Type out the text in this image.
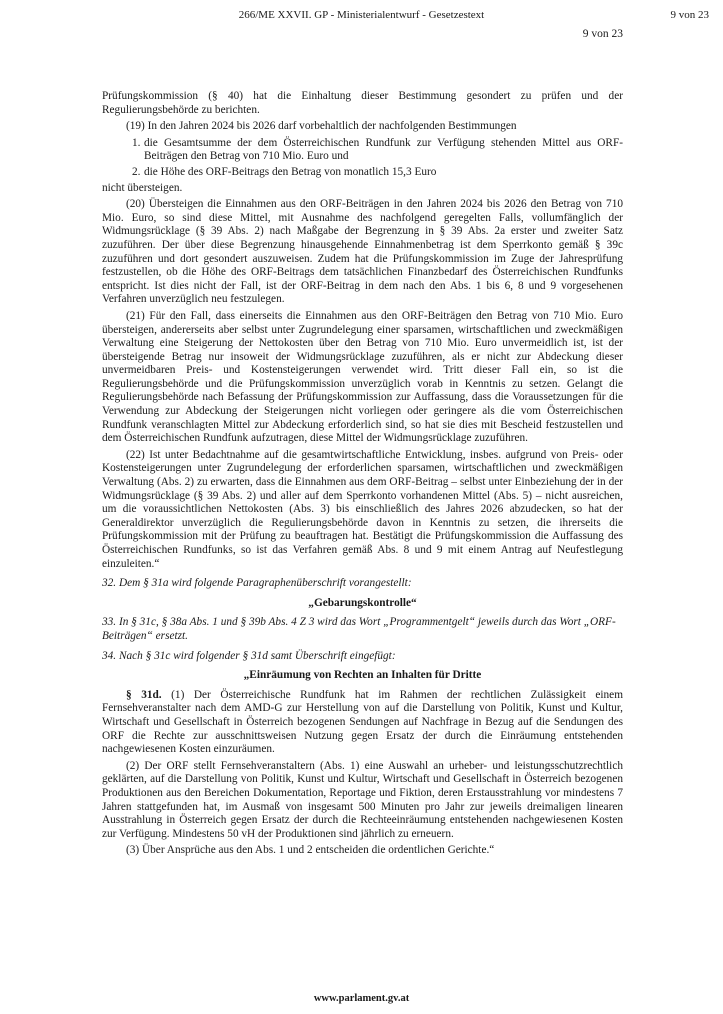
266/ME XXVII. GP - Ministerialentwurf - Gesetzestext	9 von 23
9 von 23

Prüfungskommission (§ 40) hat die Einhaltung dieser Bestimmung gesondert zu prüfen und der Regulierungsbehörde zu berichten.

(19) In den Jahren 2024 bis 2026 darf vorbehaltlich der nachfolgenden Bestimmungen

1. die Gesamtsumme der dem Österreichischen Rundfunk zur Verfügung stehenden Mittel aus ORF-Beiträgen den Betrag von 710 Mio. Euro und
2. die Höhe des ORF-Beitrags den Betrag von monatlich 15,3 Euro

nicht übersteigen.

(20) Übersteigen die Einnahmen aus den ORF-Beiträgen in den Jahren 2024 bis 2026 den Betrag von 710 Mio. Euro, so sind diese Mittel, mit Ausnahme des nachfolgend geregelten Falls, vollumfänglich der Widmungsrücklage (§ 39 Abs. 2) nach Maßgabe der Begrenzung in § 39 Abs. 2a erster und zweiter Satz zuzuführen. Der über diese Begrenzung hinausgehende Einnahmenbetrag ist dem Sperrkonto gemäß § 39c zuzuführen und dort gesondert auszuweisen. Zudem hat die Prüfungskommission im Zuge der Jahresprüfung festzustellen, ob die Höhe des ORF-Beitrags dem tatsächlichen Finanzbedarf des Österreichischen Rundfunks entspricht. Ist dies nicht der Fall, ist der ORF-Beitrag in dem nach den Abs. 1 bis 6, 8 und 9 vorgesehenen Verfahren unverzüglich neu festzulegen.

(21) Für den Fall, dass einerseits die Einnahmen aus den ORF-Beiträgen den Betrag von 710 Mio. Euro übersteigen, andererseits aber selbst unter Zugrundelegung einer sparsamen, wirtschaftlichen und zweckmäßigen Verwaltung eine Steigerung der Nettokosten über den Betrag von 710 Mio. Euro unvermeidlich ist, ist der übersteigende Betrag nur insoweit der Widmungsrücklage zuzuführen, als er nicht zur Abdeckung dieser unvermeidbaren Preis- und Kostensteigerungen verwendet wird. Tritt dieser Fall ein, so ist die Regulierungsbehörde und die Prüfungskommission unverzüglich vorab in Kenntnis zu setzen. Gelangt die Regulierungsbehörde nach Befassung der Prüfungskommission zur Auffassung, dass die Voraussetzungen für die Verwendung zur Abdeckung der Steigerungen nicht vorliegen oder geringere als die vom Österreichischen Rundfunk veranschlagten Mittel zur Abdeckung erforderlich sind, so hat sie dies mit Bescheid festzustellen und dem Österreichischen Rundfunk aufzutragen, diese Mittel der Widmungsrücklage zuzuführen.

(22) Ist unter Bedachtnahme auf die gesamtwirtschaftliche Entwicklung, insbes. aufgrund von Preis- oder Kostensteigerungen unter Zugrundelegung der erforderlichen sparsamen, wirtschaftlichen und zweckmäßigen Verwaltung (Abs. 2) zu erwarten, dass die Einnahmen aus dem ORF-Beitrag – selbst unter Einbeziehung der in der Widmungsrücklage (§ 39 Abs. 2) und aller auf dem Sperrkonto vorhandenen Mittel (Abs. 5) – nicht ausreichen, um die voraussichtlichen Nettokosten (Abs. 3) bis einschließlich des Jahres 2026 abzudecken, so hat der Generaldirektor unverzüglich die Regulierungsbehörde davon in Kenntnis zu setzen, die ihrerseits die Prüfungskommission mit der Prüfung zu beauftragen hat. Bestätigt die Prüfungskommission die Auffassung des Österreichischen Rundfunks, so ist das Verfahren gemäß Abs. 8 und 9 mit einem Antrag auf Neufestlegung einzuleiten.“

32. Dem § 31a wird folgende Paragraphenüberschrift vorangestellt:

„Gebarungskontrolle“

33. In § 31c, § 38a Abs. 1 und § 39b Abs. 4 Z 3 wird das Wort „Programmentgelt“ jeweils durch das Wort „ORF-Beiträgen“ ersetzt.

34. Nach § 31c wird folgender § 31d samt Überschrift eingefügt:

„Einräumung von Rechten an Inhalten für Dritte

§ 31d. (1) Der Österreichische Rundfunk hat im Rahmen der rechtlichen Zulässigkeit einem Fernsehveranstalter nach dem AMD-G zur Herstellung von auf die Darstellung von Politik, Kunst und Kultur, Wirtschaft und Gesellschaft in Österreich bezogenen Sendungen auf Nachfrage in Bezug auf die Sendungen des ORF die Rechte zur ausschnittsweisen Nutzung gegen Ersatz der durch die Einräumung entstehenden nachgewiesenen Kosten einzuräumen.

(2) Der ORF stellt Fernsehveranstaltern (Abs. 1) eine Auswahl an urheber- und leistungsschutzrechtlich geklärten, auf die Darstellung von Politik, Kunst und Kultur, Wirtschaft und Gesellschaft in Österreich bezogenen Produktionen aus den Bereichen Dokumentation, Reportage und Fiktion, deren Erstausstrahlung vor mindestens 7 Jahren stattgefunden hat, im Ausmaß von insgesamt 500 Minuten pro Jahr zur jeweils dreimaligen linearen Ausstrahlung in Österreich gegen Ersatz der durch die Rechteeinräumung entstehenden nachgewiesenen Kosten zur Verfügung. Mindestens 50 vH der Produktionen sind jährlich zu erneuern.

(3) Über Ansprüche aus den Abs. 1 und 2 entscheiden die ordentlichen Gerichte.“

www.parlament.gv.at
